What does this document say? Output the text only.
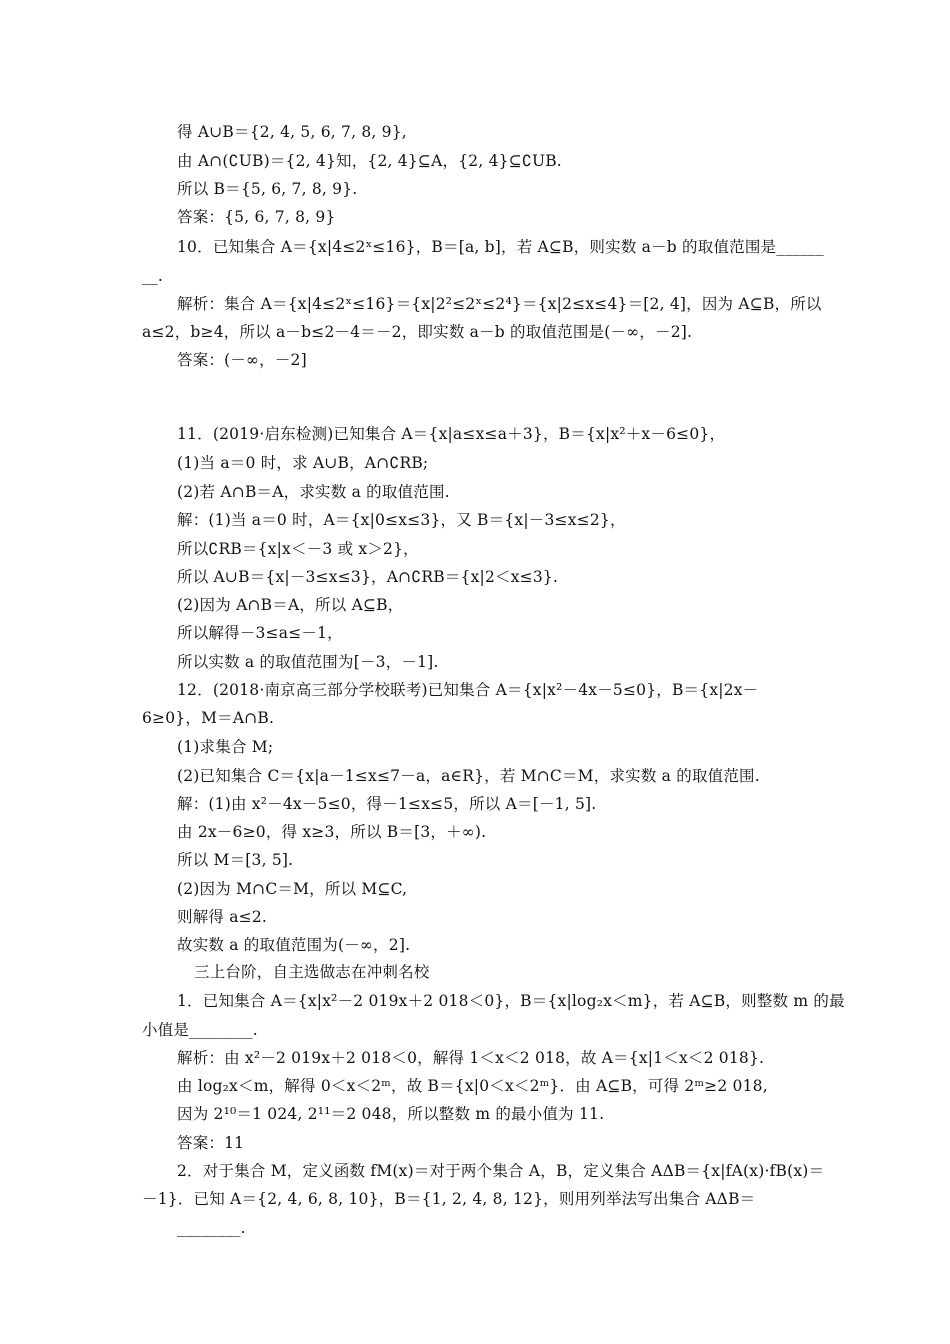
得 A∪B＝{2, 4, 5, 6, 7, 8, 9},
由 A∩(∁UB)＝{2, 4}知，{2, 4}⊆A，{2, 4}⊆∁UB.
所以 B＝{5, 6, 7, 8, 9}.
答案：{5, 6, 7, 8, 9}
10．已知集合 A＝{x|4≤2ˣ≤16}，B＝[a, b]，若 A⊆B，则实数 a－b 的取值范围是______
__.
解析：集合 A＝{x|4≤2ˣ≤16}＝{x|2²≤2ˣ≤2⁴}＝{x|2≤x≤4}＝[2, 4]，因为 A⊆B，所以
a≤2，b≥4，所以 a－b≤2－4＝－2，即实数 a－b 的取值范围是(－∞，－2].
答案：(－∞，－2]
11．(2019·启东检测)已知集合 A＝{x|a≤x≤a＋3}，B＝{x|x²＋x－6≤0}，
(1)当 a＝0 时，求 A∪B，A∩∁RB;
(2)若 A∩B＝A，求实数 a 的取值范围.
解：(1)当 a＝0 时，A＝{x|0≤x≤3}，又 B＝{x|－3≤x≤2}，
所以∁RB＝{x|x＜－3 或 x＞2}，
所以 A∪B＝{x|－3≤x≤3}，A∩∁RB＝{x|2＜x≤3}.
(2)因为 A∩B＝A，所以 A⊆B，
所以解得－3≤a≤－1，
所以实数 a 的取值范围为[－3，－1].
12．(2018·南京高三部分学校联考)已知集合 A＝{x|x²－4x－5≤0}，B＝{x|2x－
6≥0}，M＝A∩B.
(1)求集合 M;
(2)已知集合 C＝{x|a－1≤x≤7－a，a∈R}，若 M∩C＝M，求实数 a 的取值范围.
解：(1)由 x²－4x－5≤0，得－1≤x≤5，所以 A＝[－1, 5].
由 2x－6≥0，得 x≥3，所以 B＝[3，＋∞).
所以 M＝[3, 5].
(2)因为 M∩C＝M，所以 M⊆C,
则解得 a≤2.
故实数 a 的取值范围为(－∞，2].
三上台阶，自主选做志在冲刺名校
1．已知集合 A＝{x|x²－2 019x＋2 018＜0}，B＝{x|log₂x＜m}，若 A⊆B，则整数 m 的最
小值是________.
解析：由 x²－2 019x＋2 018＜0，解得 1＜x＜2 018，故 A＝{x|1＜x＜2 018}.
由 log₂x＜m，解得 0＜x＜2ᵐ，故 B＝{x|0＜x＜2ᵐ}．由 A⊆B，可得 2ᵐ≥2 018,
因为 2¹⁰＝1 024, 2¹¹＝2 048，所以整数 m 的最小值为 11.
答案：11
2．对于集合 M，定义函数 fM(x)＝对于两个集合 A，B，定义集合 AΔB＝{x|fA(x)·fB(x)＝
－1}．已知 A＝{2, 4, 6, 8, 10}，B＝{1, 2, 4, 8, 12}，则用列举法写出集合 AΔB＝
________.
